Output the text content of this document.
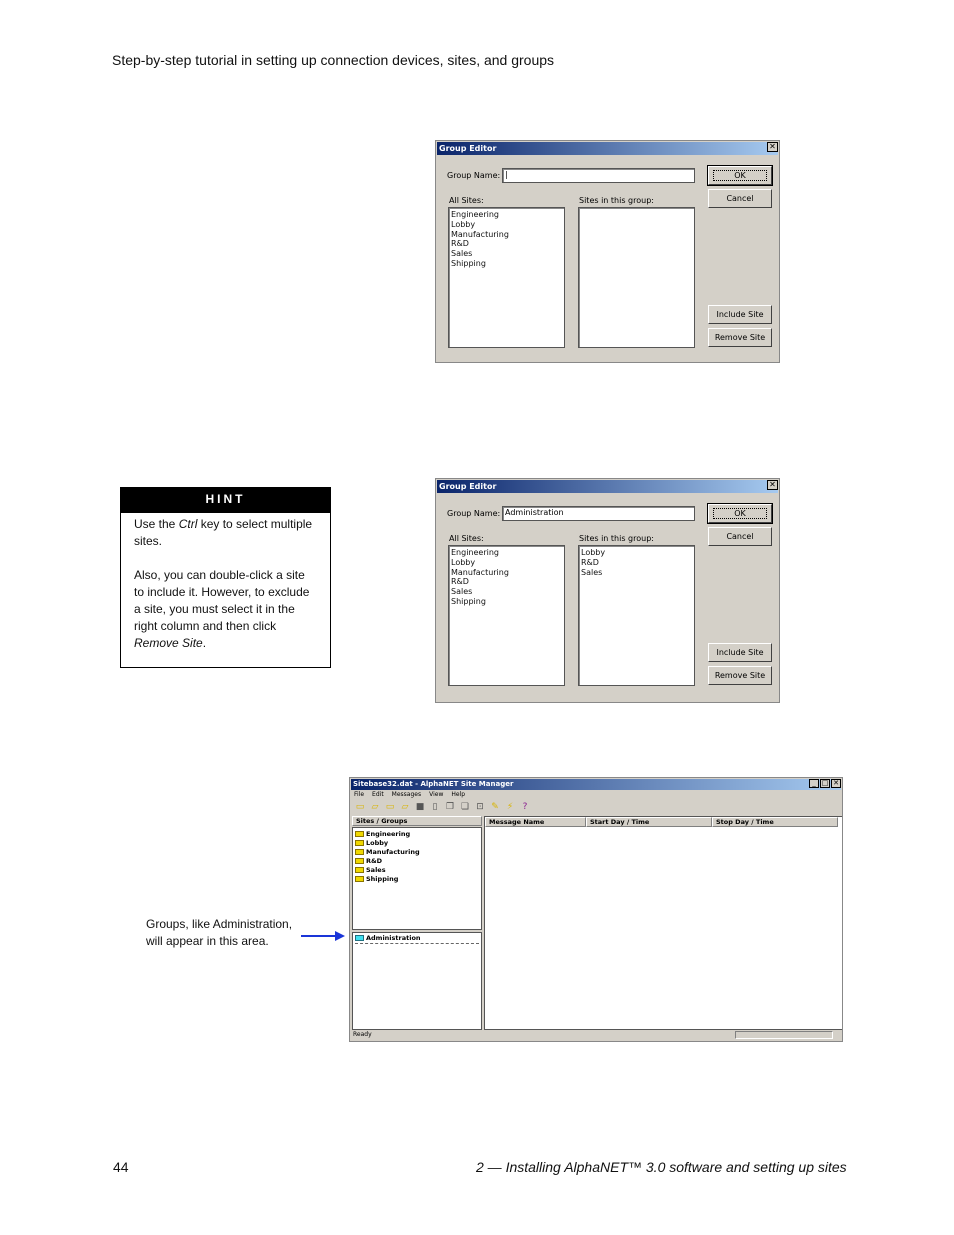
Step-by-step tutorial in setting up connection devices, sites, and groups
Group Editor	✕
Group Name: |
All Sites:	Sites in this group:
Engineering
Lobby
Manufacturing
R&D
Sales
Shipping
OK
Cancel
Include Site
Remove Site
HINT

Use the Ctrl key to select multiple sites.

Also, you can double-click a site to include it. However, to exclude a site, you must select it in the right column and then click Remove Site.

Group Editor	✕
Group Name: Administration
All Sites:	Sites in this group:
Engineering
Lobby
Manufacturing
R&D
Sales
Shipping
Lobby
R&D
Sales
OK
Cancel
Include Site
Remove Site
Groups, like Administration,
will appear in this area.
Sitebase32.dat - AlphaNET Site Manager	_ □ ✕
File Edit Messages View Help
▭ ▱ ▭ ▱ ■ ▯ ❐ ❏ ⊡ ✎ ⚡	?
Sites / Groups
Engineering
Lobby
Manufacturing
R&D
Sales
Shipping
Administration
Message Name	Start Day / Time	Stop Day / Time
Ready
44	2 — Installing AlphaNET™ 3.0 software and setting up sites
